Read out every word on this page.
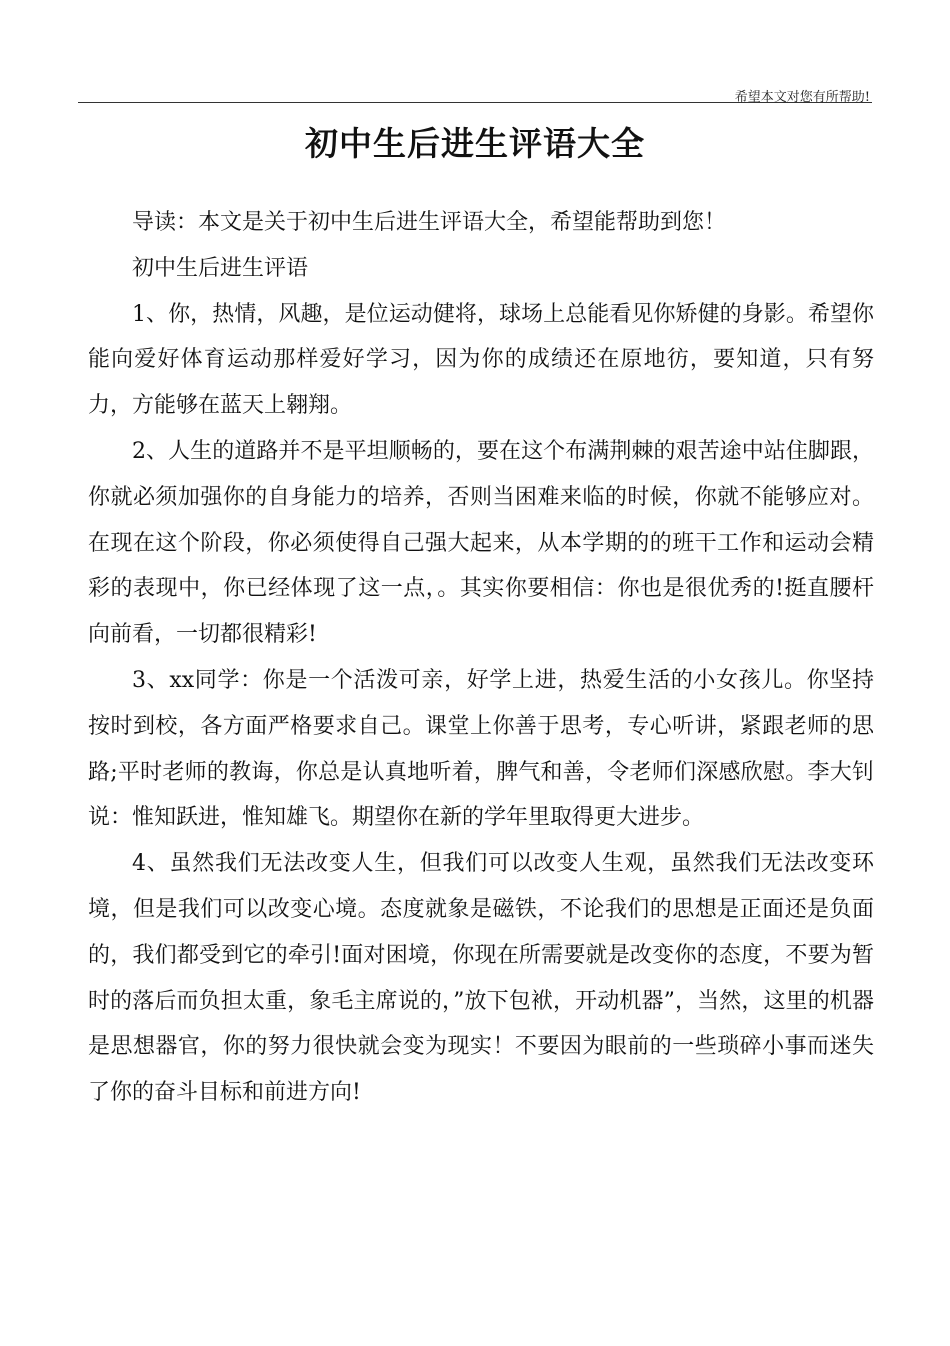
希望本文对您有所帮助!
初中生后进生评语大全

导读：本文是关于初中生后进生评语大全，希望能帮助到您！

初中生后进生评语

1、你，热情，风趣，是位运动健将，球场上总能看见你矫健的身影。希望你能向爱好体育运动那样爱好学习，因为你的成绩还在原地彷，要知道，只有努力，方能够在蓝天上翱翔。

2、人生的道路并不是平坦顺畅的，要在这个布满荆棘的艰苦途中站住脚跟，你就必须加强你的自身能力的培养，否则当困难来临的时候，你就不能够应对。在现在这个阶段，你必须使得自己强大起来，从本学期的的班干工作和运动会精彩的表现中，你已经体现了这一点，。其实你要相信：你也是很优秀的!挺直腰杆向前看，一切都很精彩!

3、xx同学：你是一个活泼可亲，好学上进，热爱生活的小女孩儿。你坚持按时到校，各方面严格要求自己。课堂上你善于思考，专心听讲，紧跟老师的思路;平时老师的教诲，你总是认真地听着，脾气和善，令老师们深感欣慰。李大钊说：惟知跃进，惟知雄飞。期望你在新的学年里取得更大进步。

4、虽然我们无法改变人生，但我们可以改变人生观，虽然我们无法改变环境，但是我们可以改变心境。态度就象是磁铁，不论我们的思想是正面还是负面的，我们都受到它的牵引!面对困境，你现在所需要就是改变你的态度，不要为暂时的落后而负担太重，象毛主席说的，”放下包袱，开动机器”，当然，这里的机器是思想器官，你的努力很快就会变为现实！不要因为眼前的一些琐碎小事而迷失了你的奋斗目标和前进方向!
